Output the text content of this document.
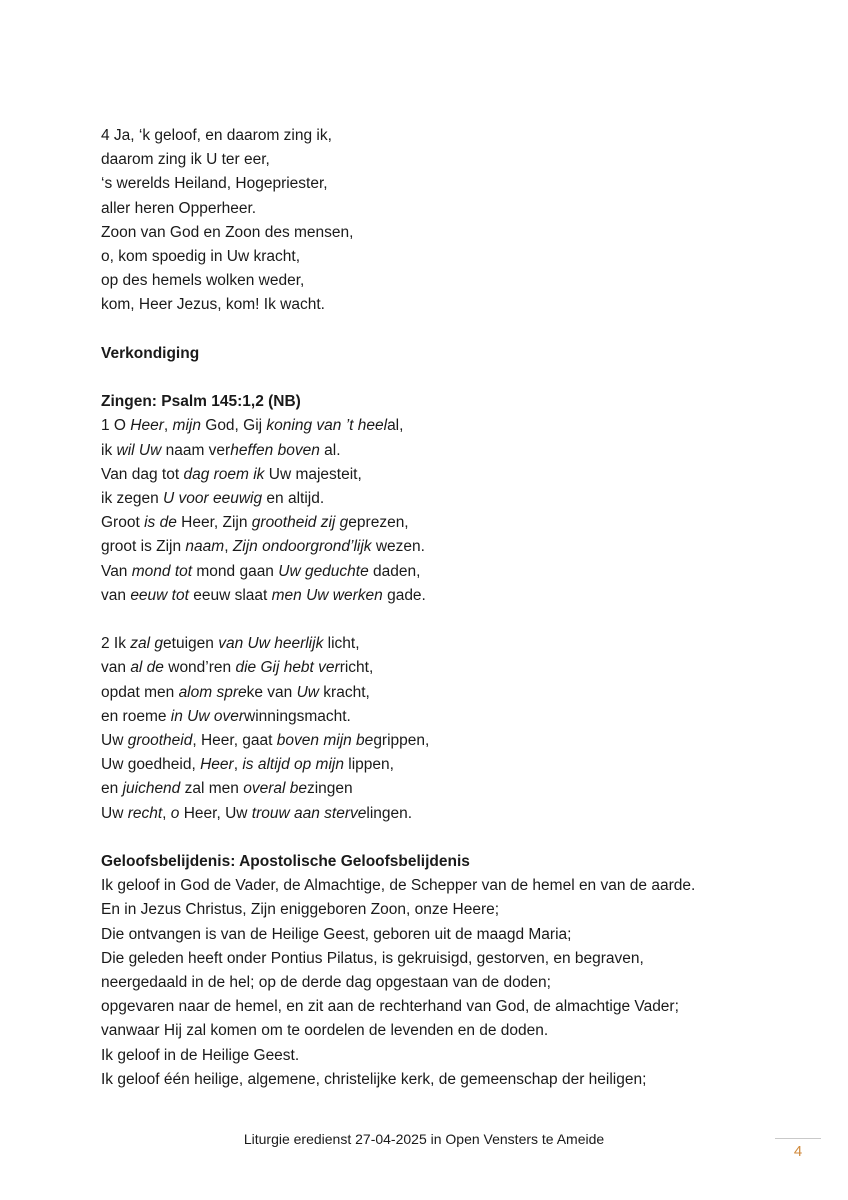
4 Ja, ‘k geloof, en daarom zing ik,
daarom zing ik U ter eer,
‘s werelds Heiland, Hogepriester,
aller heren Opperheer.
Zoon van God en Zoon des mensen,
o, kom spoedig in Uw kracht,
op des hemels wolken weder,
kom, Heer Jezus, kom! Ik wacht.
Verkondiging
Zingen: Psalm 145:1,2 (NB)
1 O Heer, mijn God, Gij koning van ’t heelal,
ik wil Uw naam verheffen boven al.
Van dag tot dag roem ik Uw majesteit,
ik zegen U voor eeuwig en altijd.
Groot is de Heer, Zijn grootheid zij geprezen,
groot is Zijn naam, Zijn ondoorgrond’lijk wezen.
Van mond tot mond gaan Uw geduchte daden,
van eeuw tot eeuw slaat men Uw werken gade.
2 Ik zal getuigen van Uw heerlijk licht,
van al de wond’ren die Gij hebt verricht,
opdat men alom spreke van Uw kracht,
en roeme in Uw overwinningsmacht.
Uw grootheid, Heer, gaat boven mijn begrippen,
Uw goedheid, Heer, is altijd op mijn lippen,
en juichend zal men overal bezingen
Uw recht, o Heer, Uw trouw aan stervelingen.
Geloofsbelijdenis: Apostolische Geloofsbelijdenis
Ik geloof in God de Vader, de Almachtige, de Schepper van de hemel en van de aarde.
En in Jezus Christus, Zijn eniggeboren Zoon, onze Heere;
Die ontvangen is van de Heilige Geest, geboren uit de maagd Maria;
Die geleden heeft onder Pontius Pilatus, is gekruisigd, gestorven, en begraven,
neergedaald in de hel; op de derde dag opgestaan van de doden;
opgevaren naar de hemel, en zit aan de rechterhand van God, de almachtige Vader;
vanwaar Hij zal komen om te oordelen de levenden en de doden.
Ik geloof in de Heilige Geest.
Ik geloof één heilige, algemene, christelijke kerk, de gemeenschap der heiligen;
Liturgie eredienst 27-04-2025 in Open Vensters te Ameide
4
